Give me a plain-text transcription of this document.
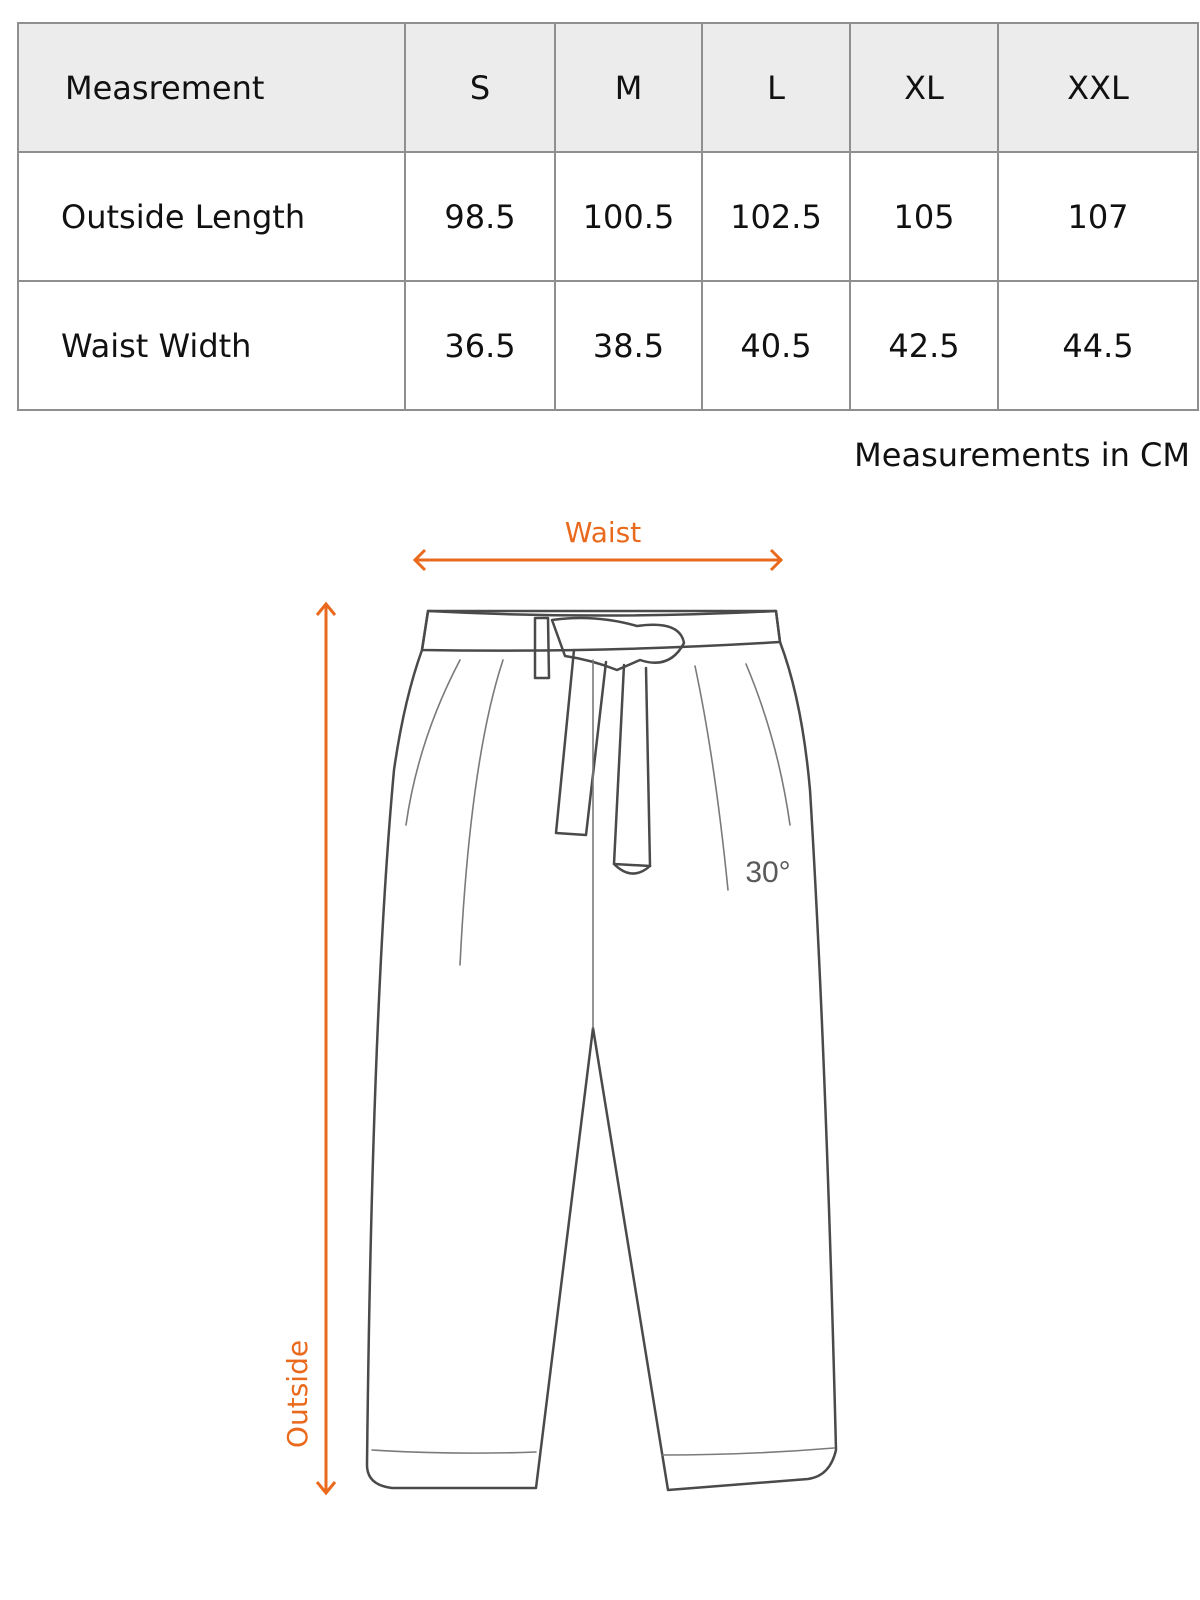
Measrement	S	M	L	XL	XXL
Outside Length	98.5	100.5	102.5	105	107
Waist Width	36.5	38.5	40.5	42.5	44.5
Measurements in CM
Waist
Outside
30°
